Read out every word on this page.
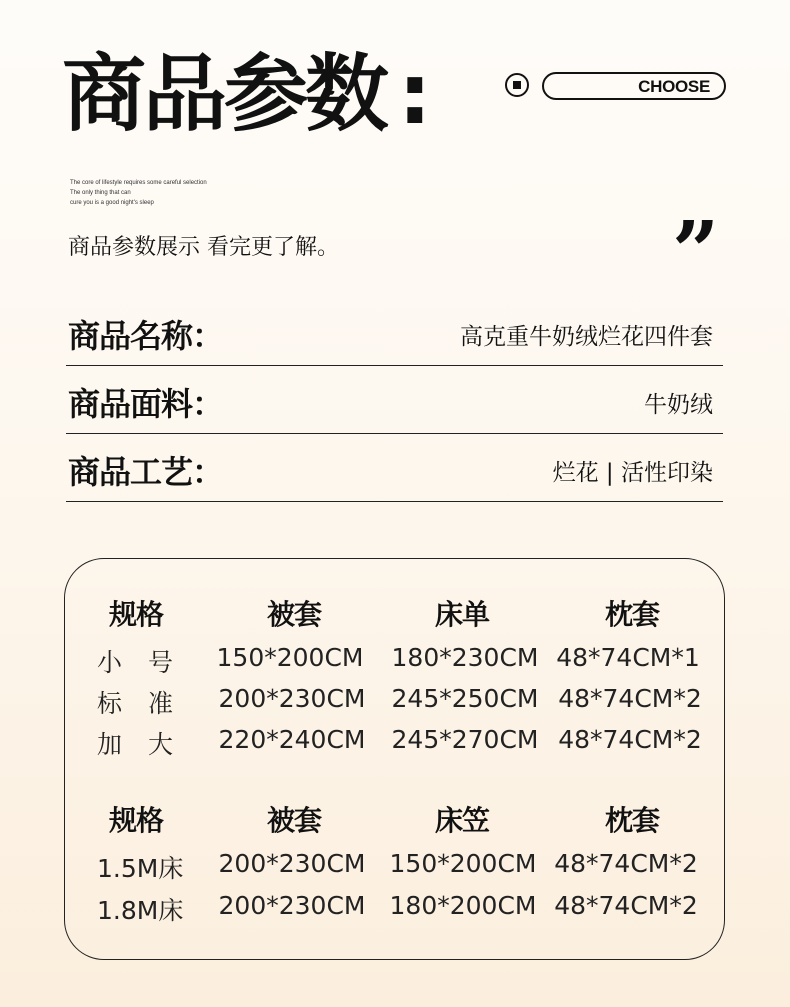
商品参数 :	CHOOSE
The core of lifestyle requires some careful selection
The only thing that can
cure you is a good night's sleep
商品参数展示 看完更了解。	”
商品名称：	高克重牛奶绒烂花四件套
商品面料：	牛奶绒
商品工艺：	烂花 | 活性印染
规格	被套	床单	枕套
小号 150*200CM 180*230CM 48*74CM*1
标准 200*230CM 245*250CM 48*74CM*2
加大 220*240CM 245*270CM 48*74CM*2
规格	被套	床笠	枕套
1.5M床 200*230CM 150*200CM 48*74CM*2
1.8M床 200*230CM 180*200CM 48*74CM*2
